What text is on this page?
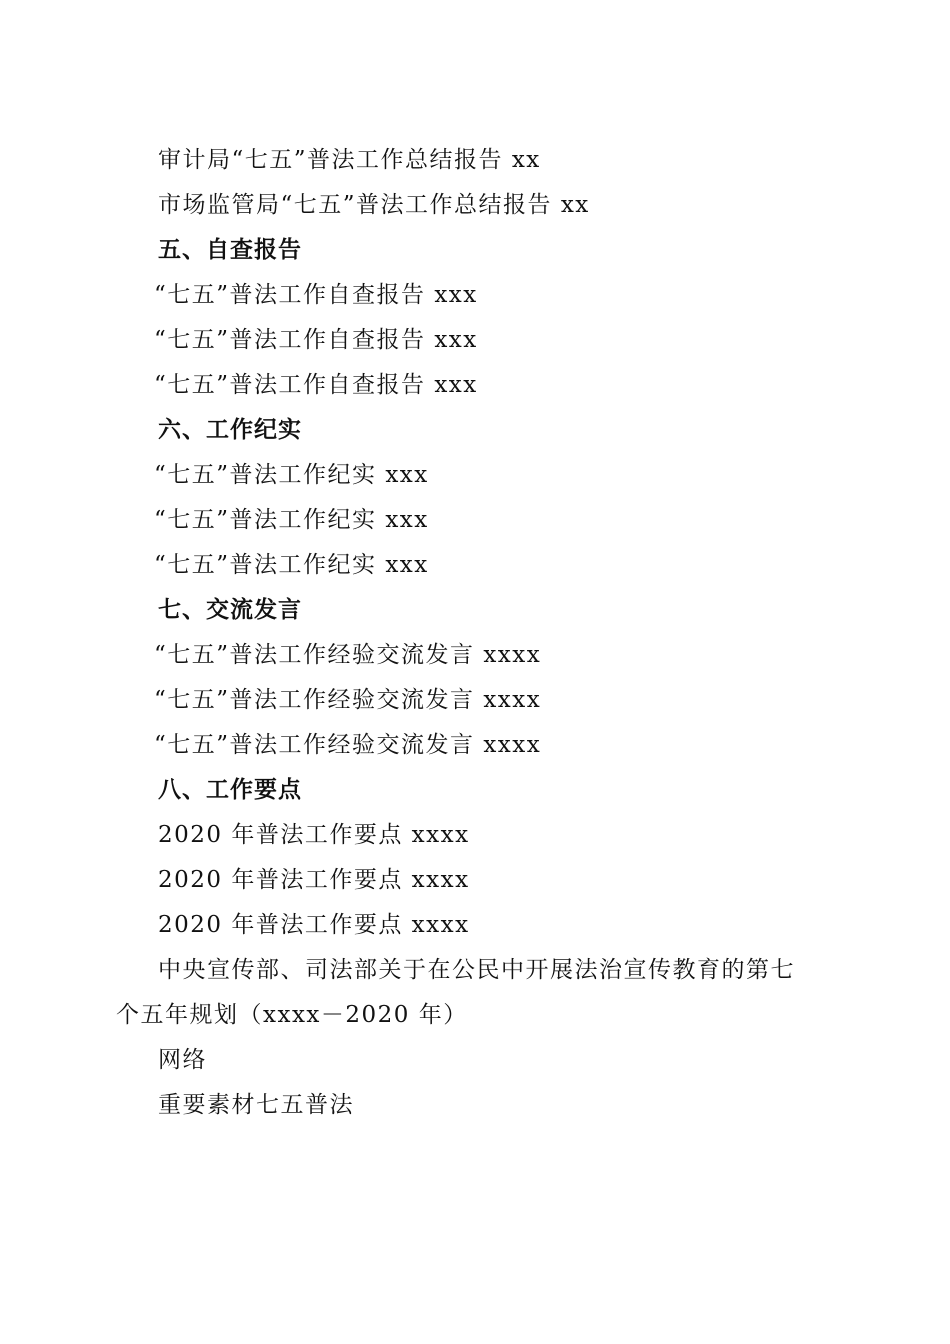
审计局“七五”普法工作总结报告 xx
市场监管局“七五”普法工作总结报告 xx
五、自查报告
“七五”普法工作自查报告 xxx
“七五”普法工作自查报告 xxx
“七五”普法工作自查报告 xxx
六、工作纪实
“七五”普法工作纪实 xxx
“七五”普法工作纪实 xxx
“七五”普法工作纪实 xxx
七、交流发言
“七五”普法工作经验交流发言 xxxx
“七五”普法工作经验交流发言 xxxx
“七五”普法工作经验交流发言 xxxx
八、工作要点
2020 年普法工作要点 xxxx
2020 年普法工作要点 xxxx
2020 年普法工作要点 xxxx
中央宣传部、司法部关于在公民中开展法治宣传教育的第七
个五年规划（xxxx－2020 年）
网络
重要素材七五普法
